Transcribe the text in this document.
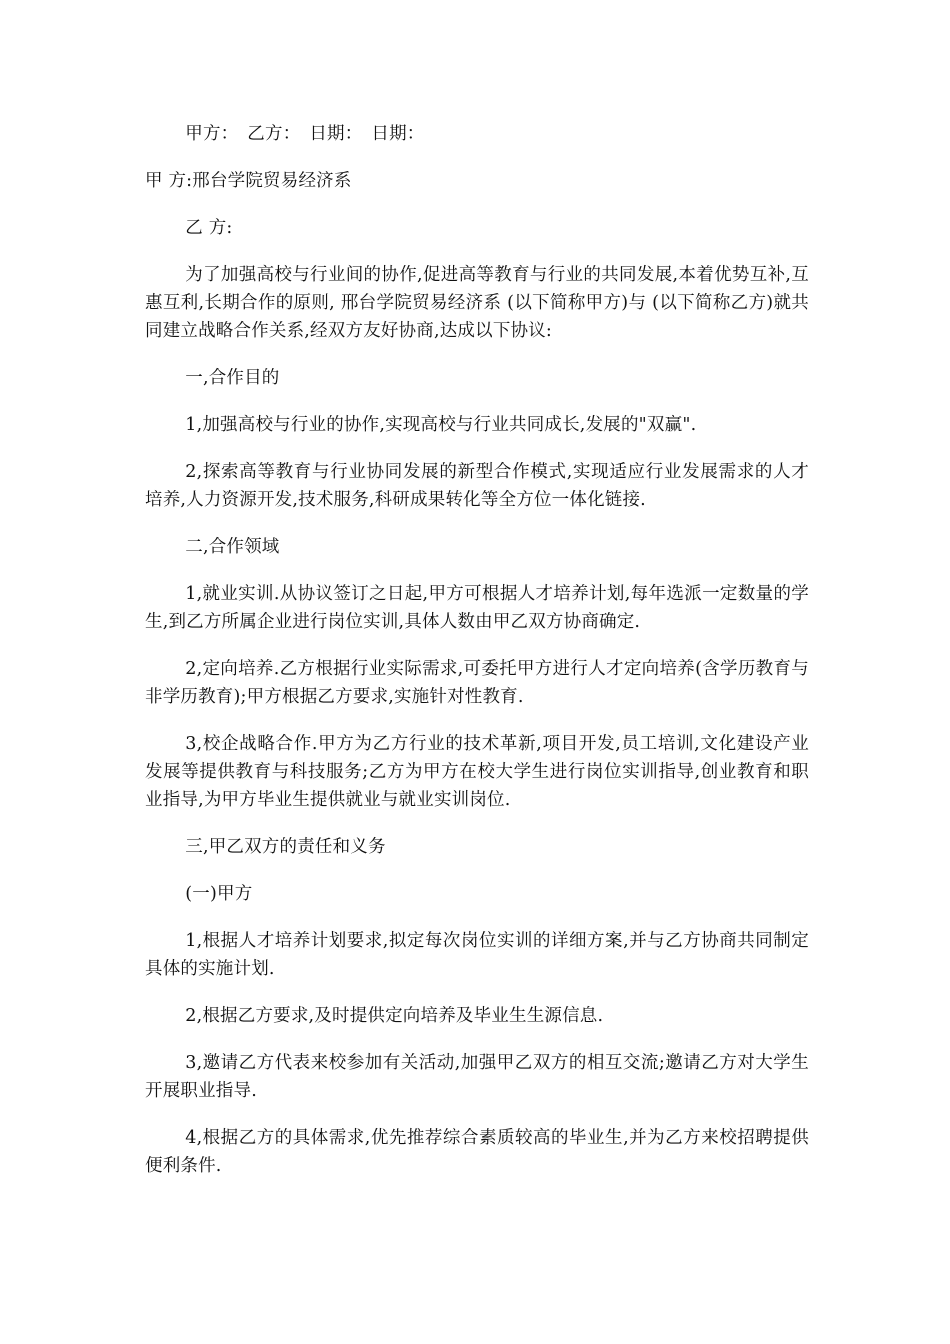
甲方：　乙方：　日期：　日期：

甲 方:邢台学院贸易经济系

乙 方:

为了加强高校与行业间的协作,促进高等教育与行业的共同发展,本着优势互补,互惠互利,长期合作的原则, 邢台学院贸易经济系 (以下简称甲方)与 (以下简称乙方)就共同建立战略合作关系,经双方友好协商,达成以下协议:

一,合作目的

1,加强高校与行业的协作,实现高校与行业共同成长,发展的"双赢".

2,探索高等教育与行业协同发展的新型合作模式,实现适应行业发展需求的人才培养,人力资源开发,技术服务,科研成果转化等全方位一体化链接.

二,合作领域

1,就业实训.从协议签订之日起,甲方可根据人才培养计划,每年选派一定数量的学生,到乙方所属企业进行岗位实训,具体人数由甲乙双方协商确定.

2,定向培养.乙方根据行业实际需求,可委托甲方进行人才定向培养(含学历教育与非学历教育);甲方根据乙方要求,实施针对性教育.

3,校企战略合作.甲方为乙方行业的技术革新,项目开发,员工培训,文化建设产业发展等提供教育与科技服务;乙方为甲方在校大学生进行岗位实训指导,创业教育和职业指导,为甲方毕业生提供就业与就业实训岗位.

三,甲乙双方的责任和义务

(一)甲方

1,根据人才培养计划要求,拟定每次岗位实训的详细方案,并与乙方协商共同制定具体的实施计划.

2,根据乙方要求,及时提供定向培养及毕业生生源信息.

3,邀请乙方代表来校参加有关活动,加强甲乙双方的相互交流;邀请乙方对大学生开展职业指导.

4,根据乙方的具体需求,优先推荐综合素质较高的毕业生,并为乙方来校招聘提供便利条件.
